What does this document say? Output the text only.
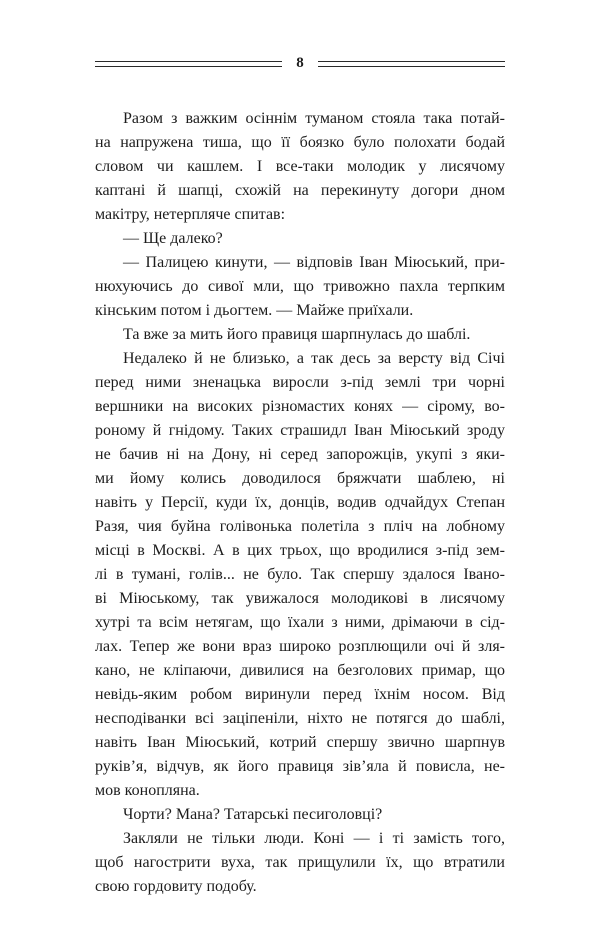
8
Разом з важким осіннім туманом стояла така потай-
на напружена тиша, що її боязко було полохати бодай
словом чи кашлем. І все-таки молодик у лисячому
каптані й шапці, схожій на перекинуту догори дном
макітру, нетерпляче спитав:
— Ще далеко?
— Палицею кинути, — відповів Іван Міюський, при-
нюхуючись до сивої мли, що тривожно пахла терпким
кінським потом і дьогтем. — Майже приїхали.
Та вже за мить його правиця шарпнулась до шаблі.
Недалеко й не близько, а так десь за версту від Січі
перед ними зненацька виросли з-під землі три чорні
вершники на високих різномастих конях — сірому, во-
роному й гнідому. Таких страшидл Іван Міюський зроду
не бачив ні на Дону, ні серед запорожців, укупі з яки-
ми йому колись доводилося бряжчати шаблею, ні
навіть у Персії, куди їх, донців, водив одчайдух Степан
Разя, чия буйна голівонька полетіла з пліч на лобному
місці в Москві. А в цих трьох, що вродилися з-під зем-
лі в тумані, голів... не було. Так спершу здалося Івано-
ві Міюському, так увижалося молодикові в лисячому
хутрі та всім нетягам, що їхали з ними, дрімаючи в сід-
лах. Тепер же вони враз широко розплющили очі й зля-
кано, не кліпаючи, дивилися на безголових примар, що
невідь-яким робом виринули перед їхнім носом. Від
несподіванки всі заціпеніли, ніхто не потягся до шаблі,
навіть Іван Міюський, котрий спершу звично шарпнув
руків’я, відчув, як його правиця зів’яла й повисла, не-
мов конопляна.
Чорти? Мана? Татарські песиголовці?
Закляли не тільки люди. Коні — і ті замість того,
щоб нагострити вуха, так прищулили їх, що втратили
свою гордовиту подобу.
